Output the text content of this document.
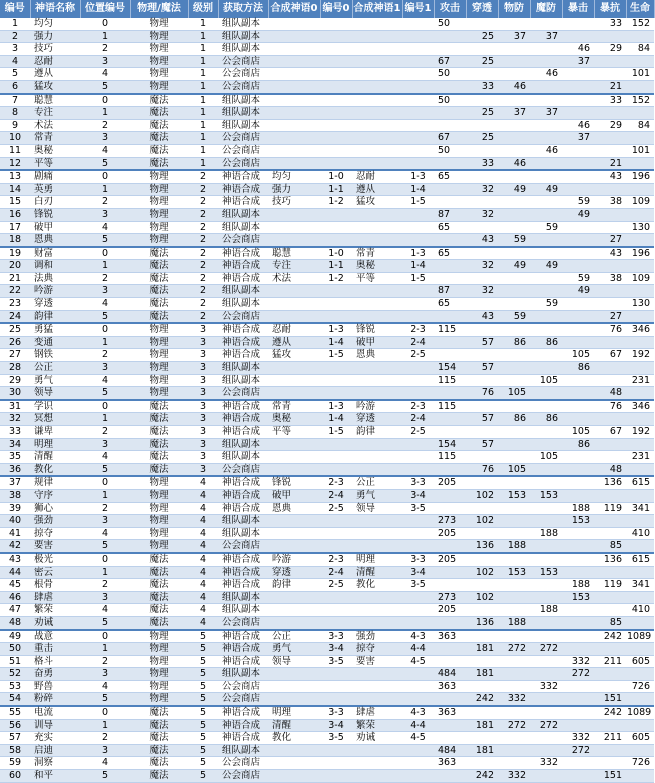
编号	神语名称	位置编号	物理/魔法	级别	获取方法	合成神语0	编号0	合成神语1	编号1	攻击	穿透	物防	魔防	暴击	暴抗	生命
1	均匀	0	物理	1	组队副本					50					33	152
2	强力	1	物理	1	组队副本						25	37	37			
3	技巧	2	物理	1	组队副本									46	29	84
4	忍耐	3	物理	1	公会商店					67	25			37		
5	遵从	4	物理	1	公会商店					50			46			101
6	猛攻	5	物理	1	公会商店						33	46			21	
7	聪慧	0	魔法	1	组队副本					50					33	152
8	专注	1	魔法	1	组队副本						25	37	37			
9	术法	2	魔法	1	组队副本									46	29	84
10	常青	3	魔法	1	公会商店					67	25			37		
11	奥秘	4	魔法	1	公会商店					50			46			101
12	平等	5	魔法	1	公会商店						33	46			21	
13	剧痛	0	物理	2	神语合成	均匀	1-0	忍耐	1-3	65					43	196
14	英勇	1	物理	2	神语合成	强力	1-1	遵从	1-4		32	49	49			
15	白刃	2	物理	2	神语合成	技巧	1-2	猛攻	1-5					59	38	109
16	锋锐	3	物理	2	组队副本					87	32			49		
17	破甲	4	物理	2	组队副本					65			59			130
18	恩典	5	物理	2	公会商店						43	59			27	
19	财富	0	魔法	2	神语合成	聪慧	1-0	常青	1-3	65					43	196
20	调和	1	魔法	2	神语合成	专注	1-1	奥秘	1-4		32	49	49			
21	法典	2	魔法	2	神语合成	术法	1-2	平等	1-5					59	38	109
22	吟游	3	魔法	2	组队副本					87	32			49		
23	穿透	4	魔法	2	组队副本					65			59			130
24	韵律	5	魔法	2	公会商店						43	59			27	
25	勇猛	0	物理	3	神语合成	忍耐	1-3	锋锐	2-3	115					76	346
26	变通	1	物理	3	神语合成	遵从	1-4	破甲	2-4		57	86	86			
27	钢铁	2	物理	3	神语合成	猛攻	1-5	恩典	2-5					105	67	192
28	公正	3	物理	3	组队副本					154	57			86		
29	勇气	4	物理	3	组队副本					115			105			231
30	领导	5	物理	3	公会商店						76	105			48	
31	学识	0	魔法	3	神语合成	常青	1-3	吟游	2-3	115					76	346
32	冥想	1	魔法	3	神语合成	奥秘	1-4	穿透	2-4		57	86	86			
33	谦卑	2	魔法	3	神语合成	平等	1-5	韵律	2-5					105	67	192
34	明理	3	魔法	3	组队副本					154	57			86		
35	清醒	4	魔法	3	组队副本					115			105			231
36	教化	5	魔法	3	公会商店						76	105			48	
37	规律	0	物理	4	神语合成	锋锐	2-3	公正	3-3	205					136	615
38	守序	1	物理	4	神语合成	破甲	2-4	勇气	3-4		102	153	153			
39	狮心	2	物理	4	神语合成	恩典	2-5	领导	3-5					188	119	341
40	强劲	3	物理	4	组队副本					273	102			153		
41	掠夺	4	物理	4	组队副本					205			188			410
42	要害	5	物理	4	公会商店						136	188			85	
43	极光	0	魔法	4	神语合成	吟游	2-3	明理	3-3	205					136	615
44	密云	1	魔法	4	神语合成	穿透	2-4	清醒	3-4		102	153	153			
45	根骨	2	魔法	4	神语合成	韵律	2-5	教化	3-5					188	119	341
46	肆虐	3	魔法	4	组队副本					273	102			153		
47	繁荣	4	魔法	4	组队副本					205			188			410
48	劝诫	5	魔法	4	公会商店						136	188			85	
49	战意	0	物理	5	神语合成	公正	3-3	强劲	4-3	363					242	1089
50	重击	1	物理	5	神语合成	勇气	3-4	掠夺	4-4		181	272	272			
51	格斗	2	物理	5	神语合成	领导	3-5	要害	4-5					332	211	605
52	奋勇	3	物理	5	组队副本					484	181			272		
53	野兽	4	物理	5	公会商店					363			332			726
54	粉碎	5	物理	5	公会商店						242	332			151	
55	电流	0	魔法	5	神语合成	明理	3-3	肆虐	4-3	363					242	1089
56	训导	1	魔法	5	神语合成	清醒	3-4	繁荣	4-4		181	272	272			
57	充实	2	魔法	5	神语合成	教化	3-5	劝诫	4-5					332	211	605
58	启迪	3	魔法	5	组队副本					484	181			272		
59	洞察	4	魔法	5	公会商店					363			332			726
60	和平	5	魔法	5	公会商店						242	332			151	
